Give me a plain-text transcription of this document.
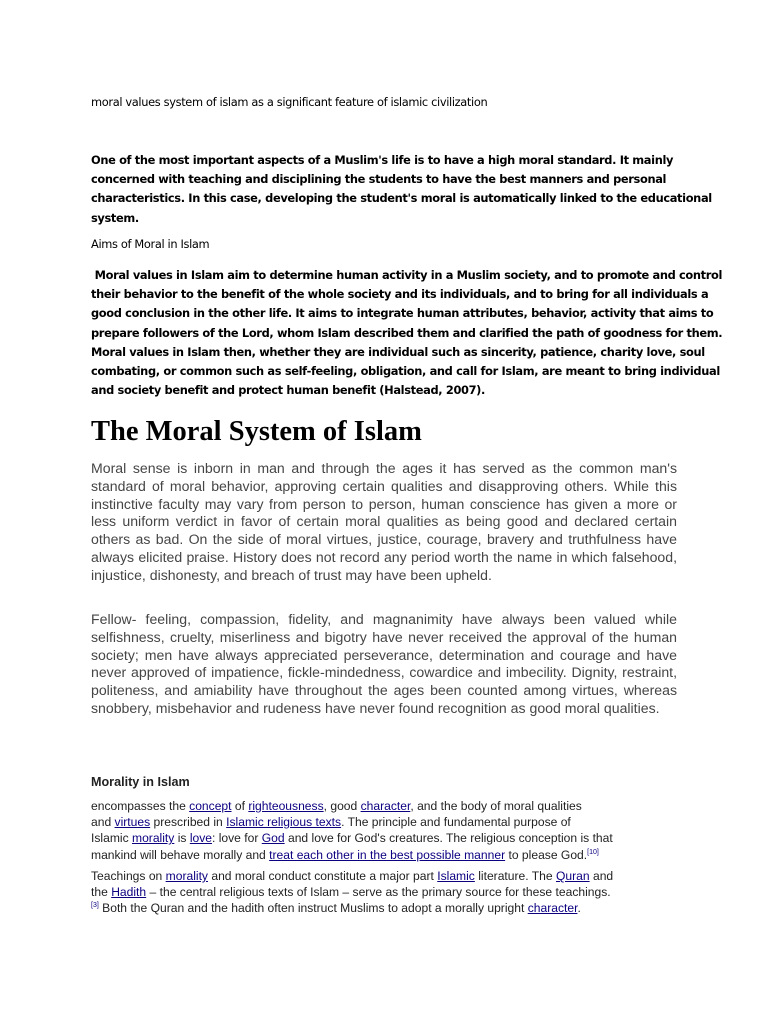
moral values system of islam as a significant feature of islamic civilization
One of the most important aspects of a Muslim's life is to have a high moral standard. It mainly
concerned with teaching and disciplining the students to have the best manners and personal
characteristics. In this case, developing the student's moral is automatically linked to the educational
system.
Aims of Moral in Islam
Moral values in Islam aim to determine human activity in a Muslim society, and to promote and control
their behavior to the benefit of the whole society and its individuals, and to bring for all individuals a
good conclusion in the other life. It aims to integrate human attributes, behavior, activity that aims to
prepare followers of the Lord, whom Islam described them and clarified the path of goodness for them.
Moral values in Islam then, whether they are individual such as sincerity, patience, charity love, soul
combating, or common such as self-feeling, obligation, and call for Islam, are meant to bring individual
and society benefit and protect human benefit (Halstead, 2007).
The Moral System of Islam
Moral sense is inborn in man and through the ages it has served as the common man's standard of moral behavior, approving certain qualities and disapproving others. While this instinctive faculty may vary from person to person, human conscience has given a more or less uniform verdict in favor of certain moral qualities as being good and declared certain others as bad. On the side of moral virtues, justice, courage, bravery and truthfulness have always elicited praise. History does not record any period worth the name in which falsehood, injustice, dishonesty, and breach of trust may have been upheld.
Fellow- feeling, compassion, fidelity, and magnanimity have always been valued while selfishness, cruelty, miserliness and bigotry have never received the approval of the human society; men have always appreciated perseverance, determination and courage and have never approved of impatience, fickle-mindedness, cowardice and imbecility. Dignity, restraint, politeness, and amiability have throughout the ages been counted among virtues, whereas snobbery, misbehavior and rudeness have never found recognition as good moral qualities.
Morality in Islam
encompasses the concept of righteousness, good character, and the body of moral qualities
and virtues prescribed in Islamic religious texts. The principle and fundamental purpose of
Islamic morality is love: love for God and love for God's creatures. The religious conception is that
mankind will behave morally and treat each other in the best possible manner to please God.[10]
Teachings on morality and moral conduct constitute a major part Islamic literature. The Quran and
the Hadith – the central religious texts of Islam – serve as the primary source for these teachings.
[3] Both the Quran and the hadith often instruct Muslims to adopt a morally upright character.
